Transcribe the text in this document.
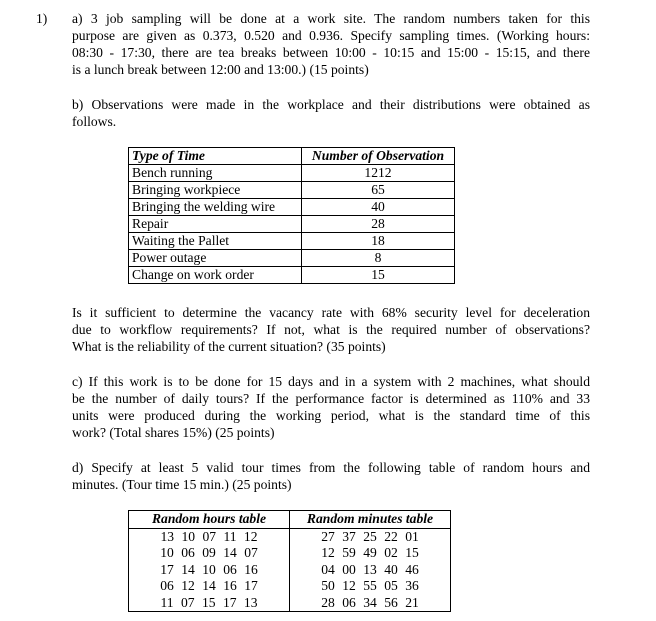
1) a) 3 job sampling will be done at a work site. The random numbers taken for this
purpose are given as 0.373, 0.520 and 0.936. Specify sampling times. (Working hours:
08:30 - 17:30, there are tea breaks between 10:00 - 10:15 and 15:00 - 15:15, and there
is a lunch break between 12:00 and 13:00.) (15 points)
b) Observations were made in the workplace and their distributions were obtained as
follows.
Type of Time	Number of Observation
Bench running	1212
Bringing workpiece	65
Bringing the welding wire	40
Repair	28
Waiting the Pallet	18
Power outage	8
Change on work order	15
Is it sufficient to determine the vacancy rate with 68% security level for deceleration
due to workflow requirements? If not, what is the required number of observations?
What is the reliability of the current situation? (35 points)
c) If this work is to be done for 15 days and in a system with 2 machines, what should
be the number of daily tours? If the performance factor is determined as 110% and 33
units were produced during the working period, what is the standard time of this
work? (Total shares 15%) (25 points)
d) Specify at least 5 valid tour times from the following table of random hours and
minutes. (Tour time 15 min.) (25 points)
Random hours table	Random minutes table
13 10 07 11 12	27 37 25 22 01
10 06 09 14 07	12 59 49 02 15
17 14 10 06 16	04 00 13 40 46
06 12 14 16 17	50 12 55 05 36
11 07 15 17 13	28 06 34 56 21
